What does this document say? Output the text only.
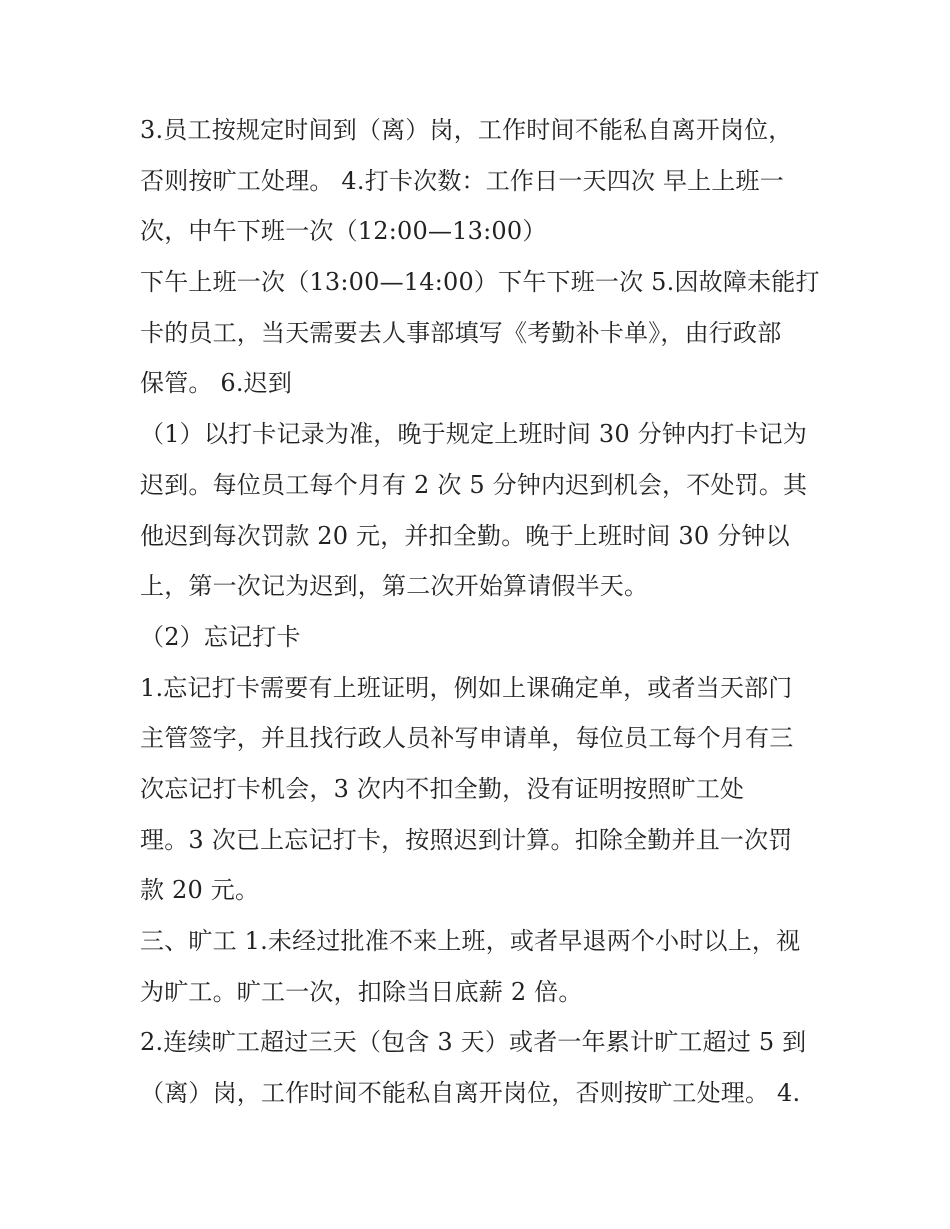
3.员工按规定时间到（离）岗，工作时间不能私自离开岗位，
否则按旷工处理。 4.打卡次数：工作日一天四次 早上上班一
次，中午下班一次（12:00—13:00）
下午上班一次（13:00—14:00）下午下班一次 5.因故障未能打
卡的员工，当天需要去人事部填写《考勤补卡单》，由行政部
保管。 6.迟到
（1）以打卡记录为准，晚于规定上班时间 30 分钟内打卡记为
迟到。每位员工每个月有 2 次 5 分钟内迟到机会，不处罚。其
他迟到每次罚款 20 元，并扣全勤。晚于上班时间 30 分钟以
上，第一次记为迟到，第二次开始算请假半天。
（2）忘记打卡
1.忘记打卡需要有上班证明，例如上课确定单，或者当天部门
主管签字，并且找行政人员补写申请单，每位员工每个月有三
次忘记打卡机会，3 次内不扣全勤，没有证明按照旷工处
理。3 次已上忘记打卡，按照迟到计算。扣除全勤并且一次罚
款 20 元。
三、旷工 1.未经过批准不来上班，或者早退两个小时以上，视
为旷工。旷工一次，扣除当日底薪 2 倍。
2.连续旷工超过三天（包含 3 天）或者一年累计旷工超过 5 到
（离）岗，工作时间不能私自离开岗位，否则按旷工处理。 4.
